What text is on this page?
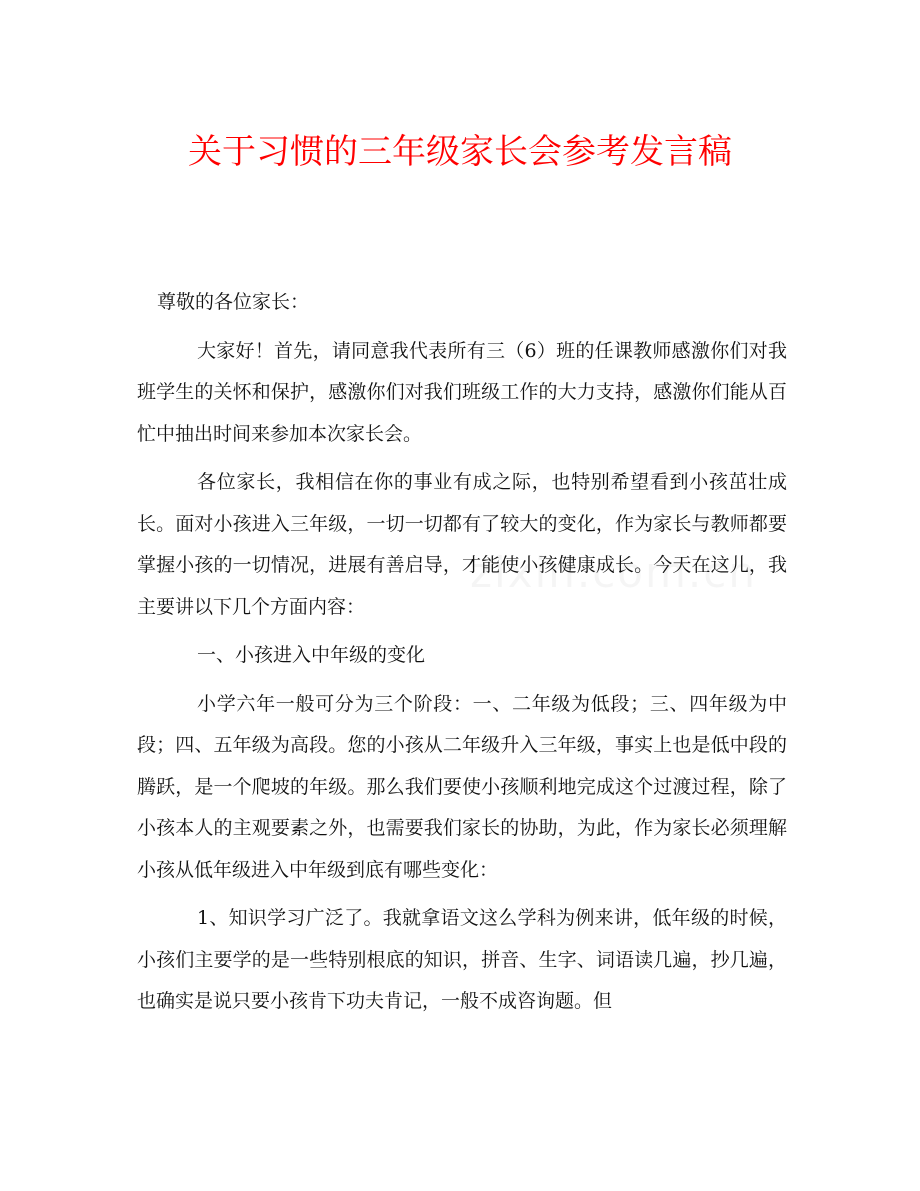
关于习惯的三年级家长会参考发言稿

尊敬的各位家长：

大家好！首先，请同意我代表所有三（6）班的任课教师感激你们对我班学生的关怀和保护，感激你们对我们班级工作的大力支持，感激你们能从百忙中抽出时间来参加本次家长会。

各位家长，我相信在你的事业有成之际，也特别希望看到小孩茁壮成长。面对小孩进入三年级，一切一切都有了较大的变化，作为家长与教师都要掌握小孩的一切情况，进展有善启导，才能使小孩健康成长。今天在这儿，我主要讲以下几个方面内容：

一、小孩进入中年级的变化

小学六年一般可分为三个阶段：一、二年级为低段；三、四年级为中段；四、五年级为高段。您的小孩从二年级升入三年级，事实上也是低中段的腾跃，是一个爬坡的年级。那么我们要使小孩顺利地完成这个过渡过程，除了小孩本人的主观要素之外，也需要我们家长的协助，为此，作为家长必须理解小孩从低年级进入中年级到底有哪些变化：

1、知识学习广泛了。我就拿语文这么学科为例来讲，低年级的时候，小孩们主要学的是一些特别根底的知识，拼音、生字、词语读几遍，抄几遍，也确实是说只要小孩肯下功夫肯记，一般不成咨询题。但
